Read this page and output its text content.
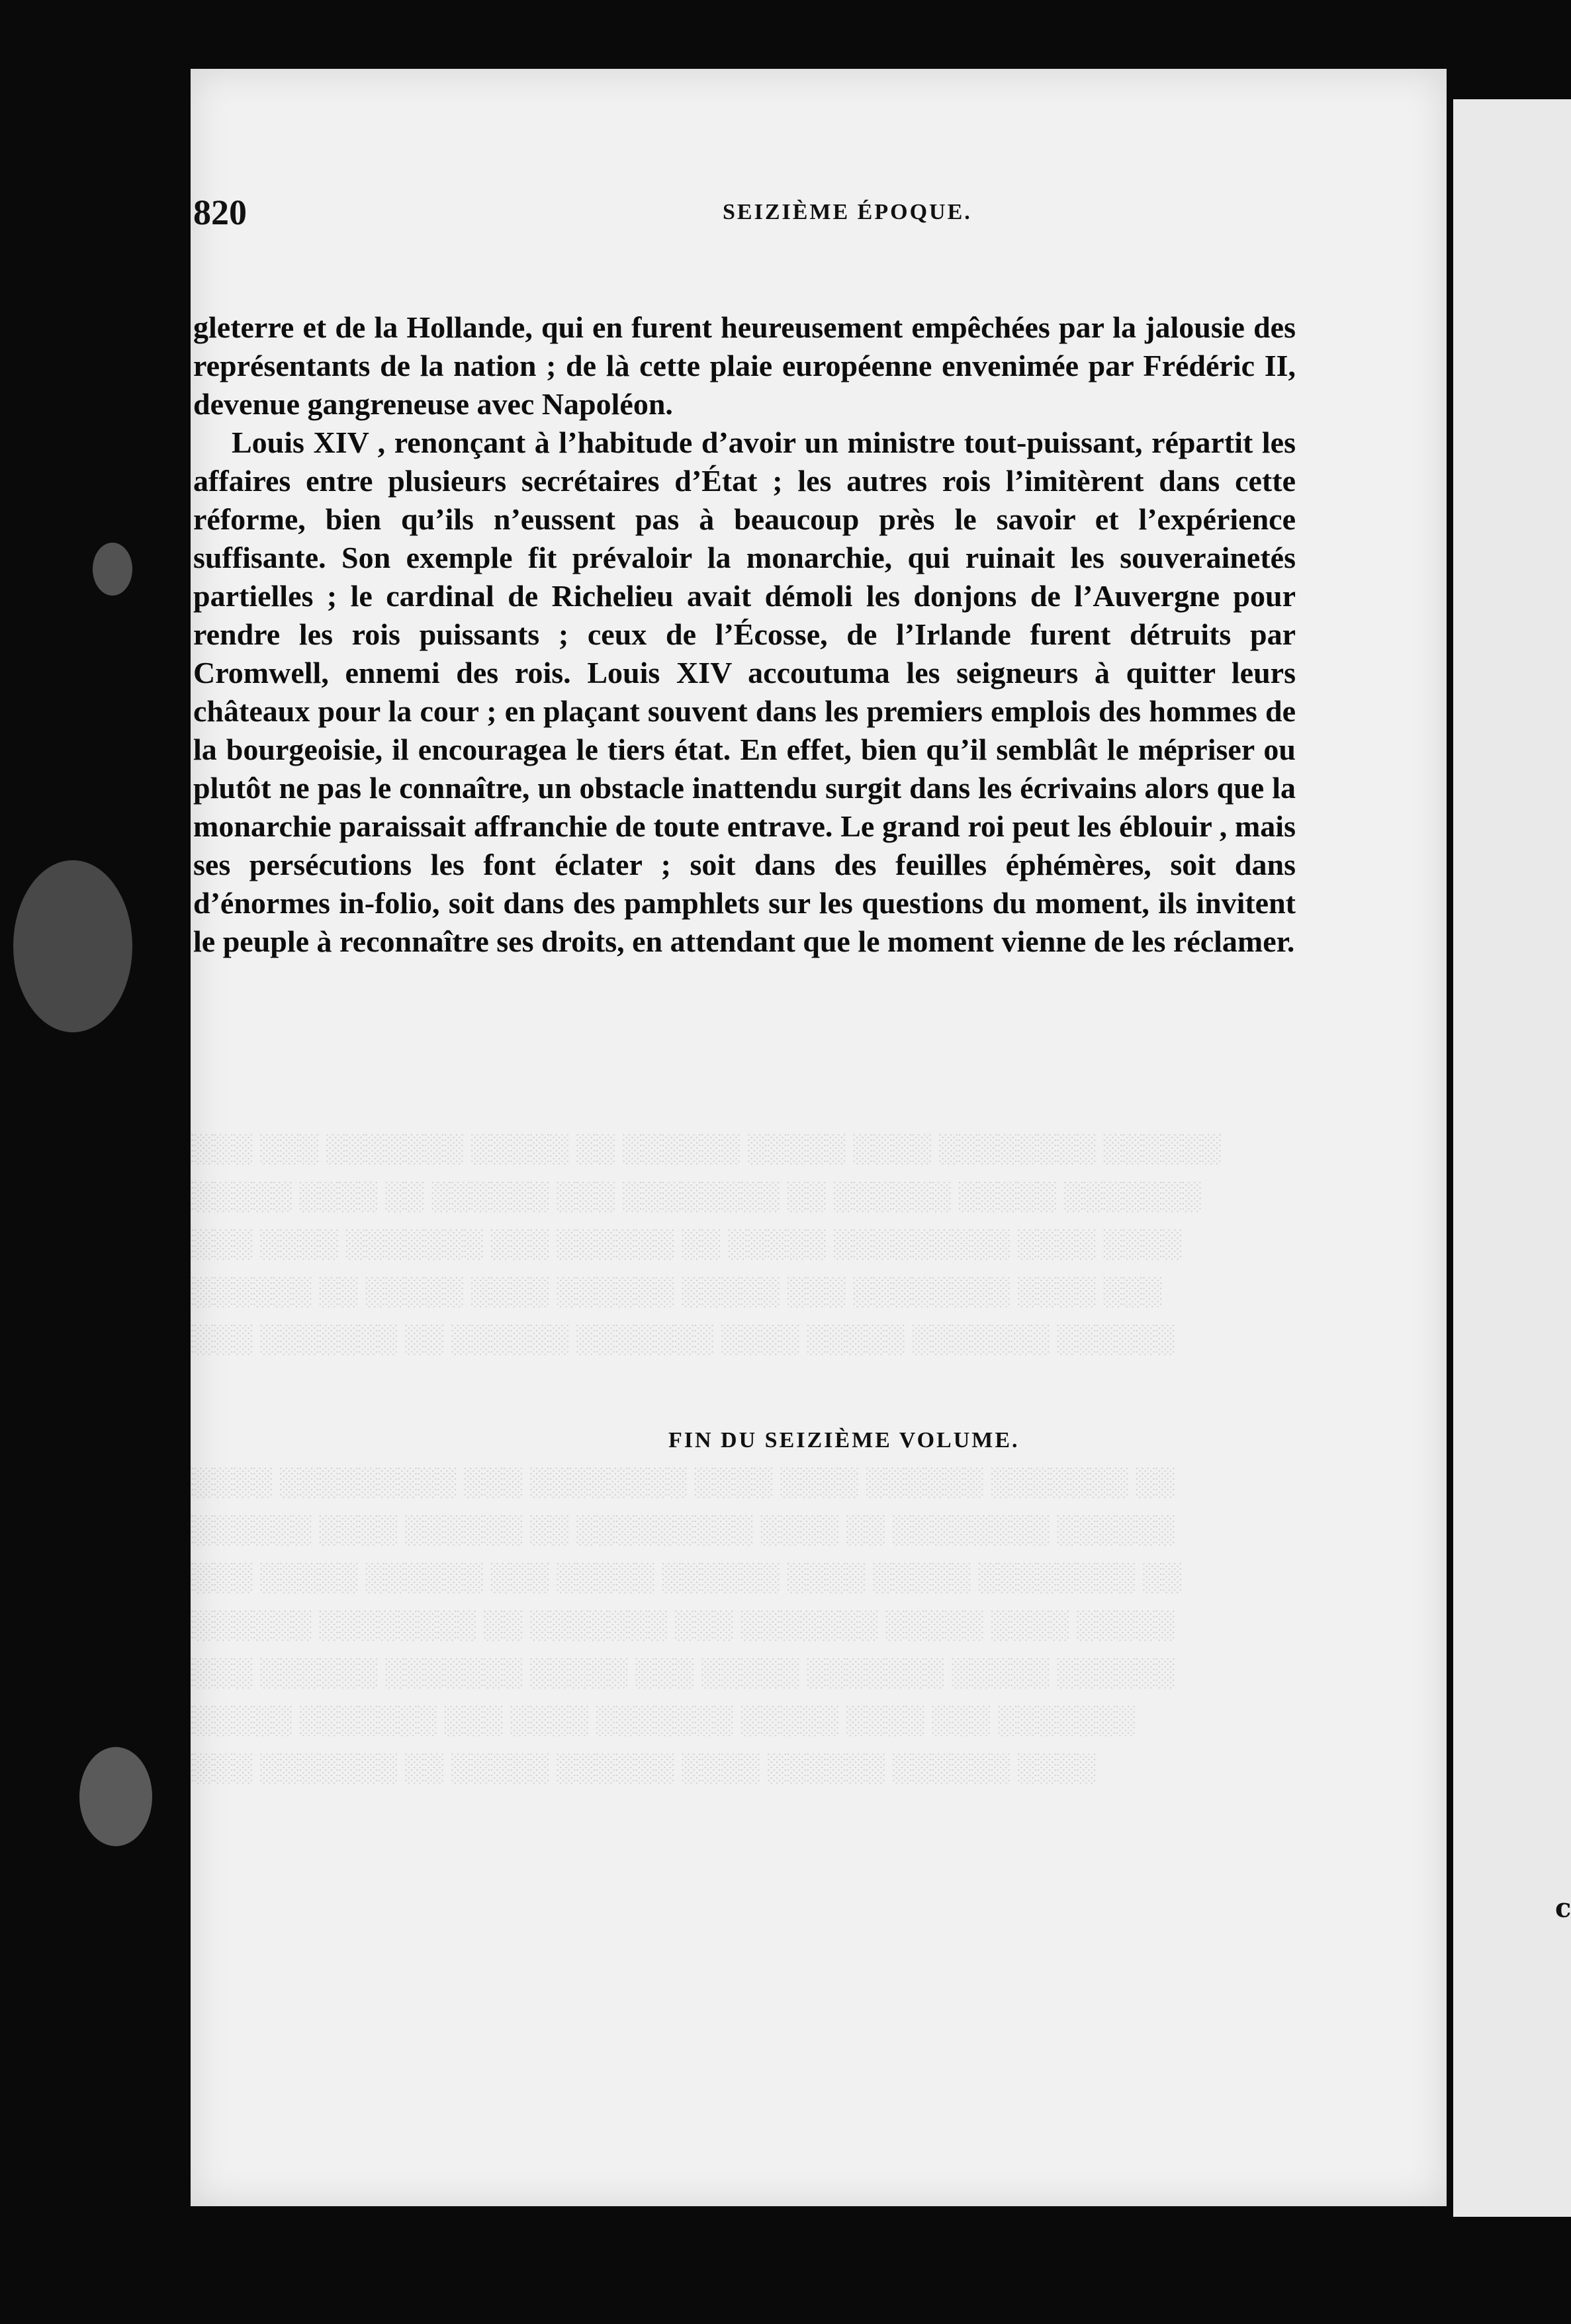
c
░░░░ ░░░ ░░░░░░░ ░░░░░ ░░ ░░░░░░ ░░░░░ ░░░░ ░░░░░░░░ ░░░░░░
░░░░░░ ░░░░ ░░ ░░░░░░ ░░░ ░░░░░░░░ ░░ ░░░░░░ ░░░░░ ░░░░░░░
░░░░ ░░░░ ░░░░░░░ ░░░ ░░░░░░ ░░ ░░░░░ ░░░░░░░░░ ░░░░ ░░░░
░░░░░░░ ░░ ░░░░░ ░░░░ ░░░░░░ ░░░░░ ░░░ ░░░░░░░░ ░░░░ ░░░
░░░░ ░░░░░░░ ░░ ░░░░░░ ░░░░░░░ ░░░░ ░░░░░ ░░░░░░░ ░░░░░░

░░░░░ ░░░░░░░░░ ░░░ ░░░░░░░░ ░░░░ ░░░░ ░░░░░░ ░░░░░░░ ░░
░░░░░░░ ░░░░ ░░░░░░ ░░ ░░░░░░░░░ ░░░░ ░░ ░░░░░░░░ ░░░░░░
░░░░ ░░░░░ ░░░░░░ ░░░ ░░░░░ ░░░░░░ ░░░░ ░░░░░ ░░░░░░░░ ░░
░░░░░░░ ░░░░░░░░ ░░ ░░░░░░░ ░░░ ░░░░░░░ ░░░░░ ░░░░ ░░░░░
░░░░ ░░░░░░ ░░░░░░░ ░░░░░ ░░░ ░░░░░ ░░░░░░░ ░░░░░ ░░░░░░
░░░░░░ ░░░░░░░ ░░░ ░░░░ ░░░░░░░ ░░░░░ ░░░░ ░░░ ░░░░░░░
░░░░ ░░░░░░░ ░░ ░░░░░ ░░░░░░ ░░░░ ░░░░░░ ░░░░░░ ░░░░
820	SEIZIÈME ÉPOQUE.

gleterre et de la Hollande, qui en furent heureusement empêchées par la jalousie des représentants de la nation ; de là cette plaie européenne envenimée par Frédéric II, devenue gangreneuse avec Napoléon.

Louis XIV , renonçant à l’habitude d’avoir un ministre tout-puissant, répartit les affaires entre plusieurs secrétaires d’État ; les autres rois l’imitèrent dans cette réforme, bien qu’ils n’eussent pas à beaucoup près le savoir et l’expérience suffisante. Son exemple fit prévaloir la monarchie, qui ruinait les souverainetés partielles ; le cardinal de Richelieu avait démoli les donjons de l’Auvergne pour rendre les rois puissants ; ceux de l’Écosse, de l’Irlande furent détruits par Cromwell, ennemi des rois. Louis XIV accoutuma les seigneurs à quitter leurs châteaux pour la cour ; en plaçant souvent dans les premiers emplois des hommes de la bourgeoisie, il encouragea le tiers état. En effet, bien qu’il semblât le mépriser ou plutôt ne pas le connaître, un obstacle inattendu surgit dans les écrivains alors que la monarchie paraissait affranchie de toute entrave. Le grand roi peut les éblouir , mais ses persécutions les font éclater ; soit dans des feuilles éphémères, soit dans d’énormes in-folio, soit dans des pamphlets sur les questions du moment, ils invitent le peuple à reconnaître ses droits, en attendant que le moment vienne de les réclamer.

FIN DU SEIZIÈME VOLUME.
